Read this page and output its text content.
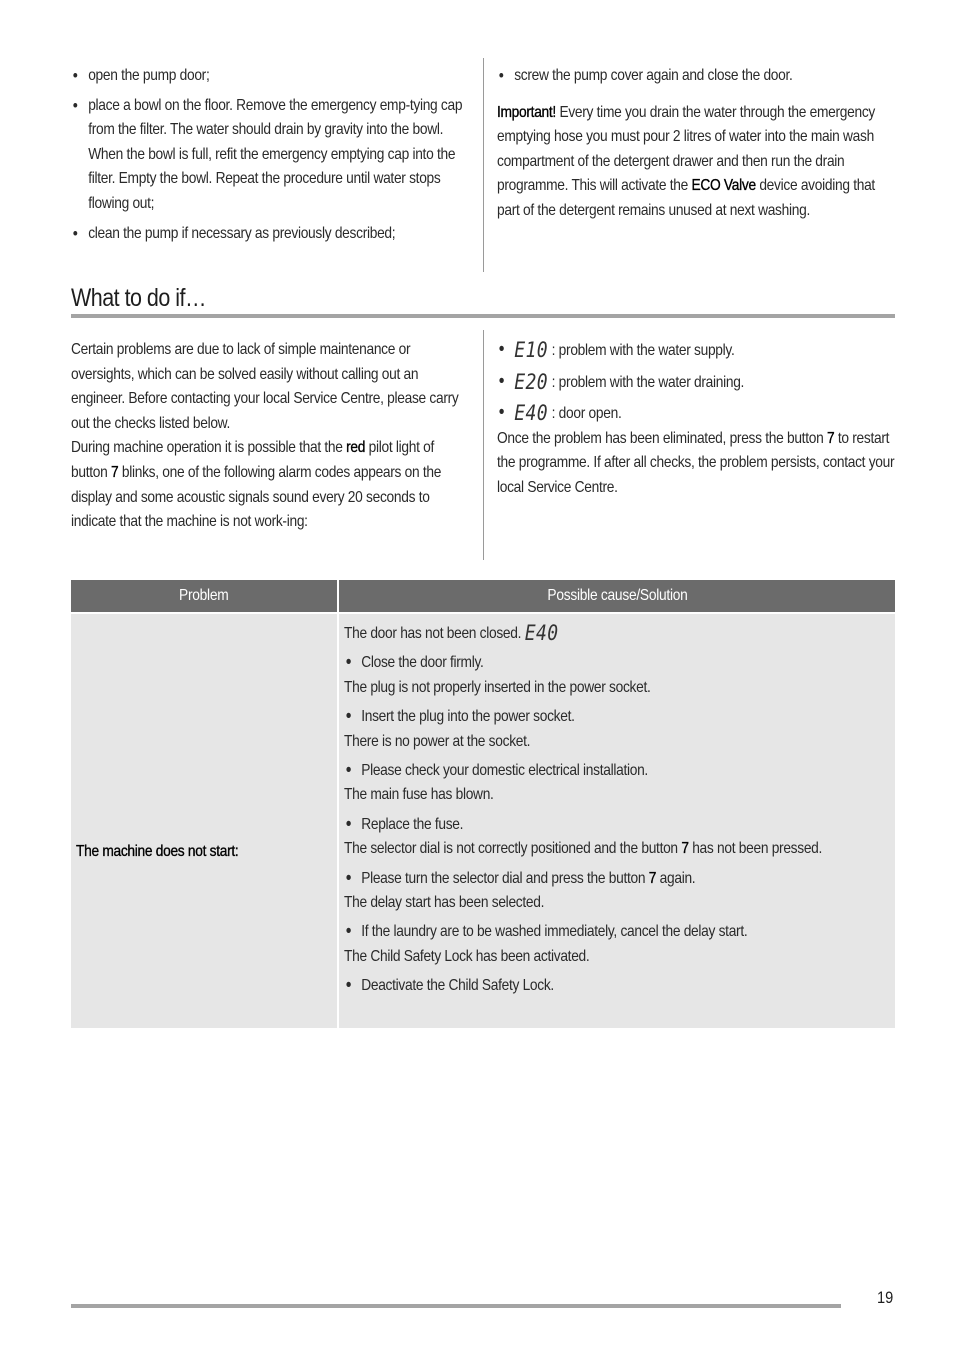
• open the pump door;
• place a bowl on the floor. Remove the emergency emp-tying cap from the filter. The water should drain by gravity into the bowl. When the bowl is full, refit the emergency emptying cap into the filter. Empty the bowl. Repeat the procedure until water stops flowing out;
• clean the pump if necessary as previously described;
• screw the pump cover again and close the door.

Important! Every time you drain the water through the emergency emptying hose you must pour 2 litres of water into the main wash compartment of the detergent drawer and then run the drain programme. This will activate the ECO Valve device avoiding that part of the detergent remains unused at next washing.

What to do if…

Certain problems are due to lack of simple maintenance or oversights, which can be solved easily without calling out an engineer. Before contacting your local Service Centre, please carry out the checks listed below.

During machine operation it is possible that the red pilot light of button 7 blinks, one of the following alarm codes appears on the display and some acoustic signals sound every 20 seconds to indicate that the machine is not work-ing:

• E10 : problem with the water supply.
• E20 : problem with the water draining.
• E40 : door open.

Once the problem has been eliminated, press the button 7 to restart the programme. If after all checks, the problem persists, contact your local Service Centre.

Problem	Possible cause/Solution
The machine does not start:
The door has not been closed. E40
• Close the door firmly.
The plug is not properly inserted in the power socket.
• Insert the plug into the power socket.
There is no power at the socket.
• Please check your domestic electrical installation.
The main fuse has blown.
• Replace the fuse.
The selector dial is not correctly positioned and the button 7 has not been pressed.
• Please turn the selector dial and press the button 7 again.
The delay start has been selected.
• If the laundry are to be washed immediately, cancel the delay start.
The Child Safety Lock has been activated.
• Deactivate the Child Safety Lock.
19
